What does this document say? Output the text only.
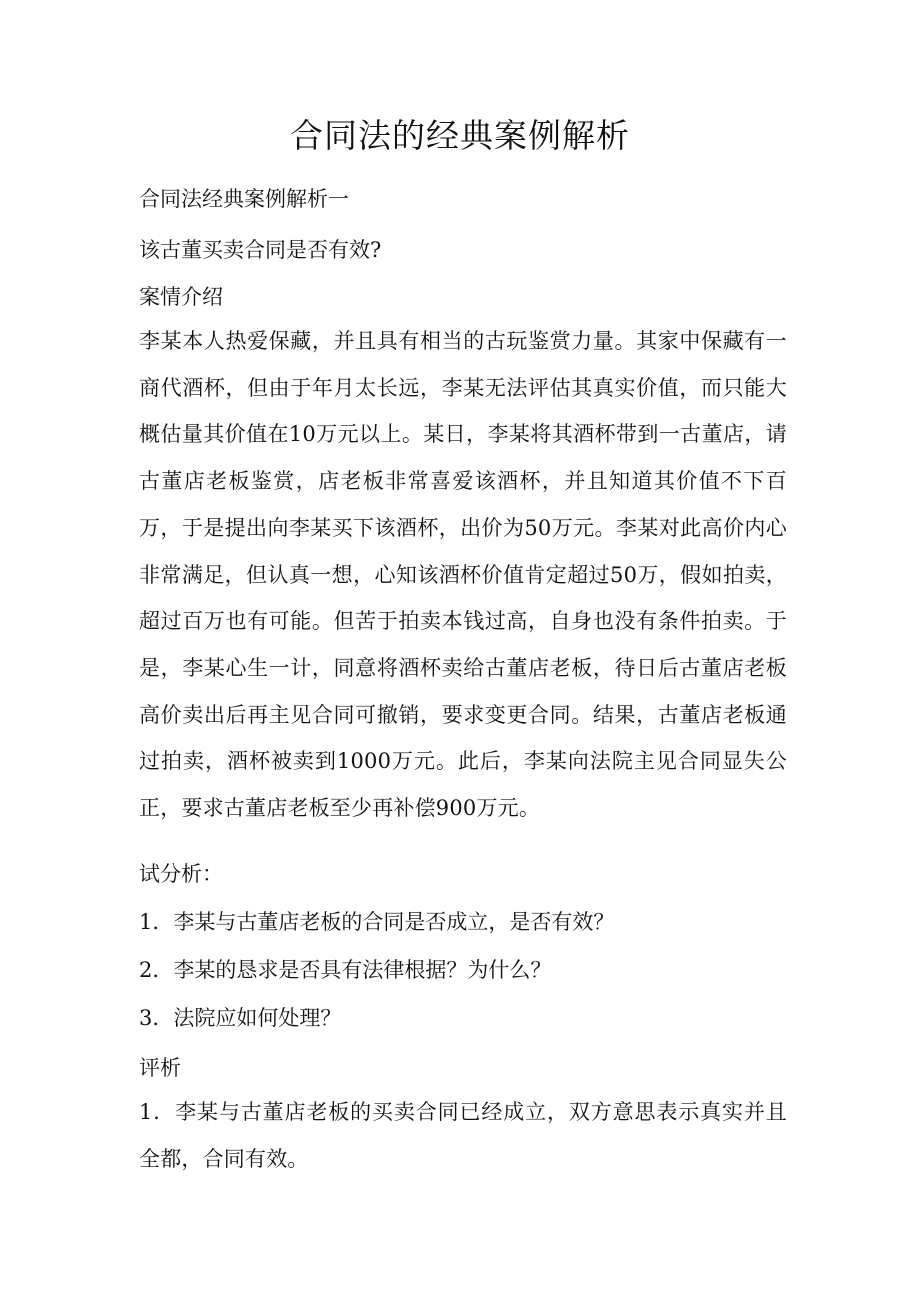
合同法的经典案例解析

合同法经典案例解析一

该古董买卖合同是否有效?

案情介绍

李某本人热爱保藏，并且具有相当的古玩鉴赏力量。其家中保藏有一商代酒杯，但由于年月太长远，李某无法评估其真实价值，而只能大概估量其价值在10万元以上。某日，李某将其酒杯带到一古董店，请古董店老板鉴赏，店老板非常喜爱该酒杯，并且知道其价值不下百万，于是提出向李某买下该酒杯，出价为50万元。李某对此高价内心非常满足，但认真一想，心知该酒杯价值肯定超过50万，假如拍卖，超过百万也有可能。但苦于拍卖本钱过高，自身也没有条件拍卖。于是，李某心生一计，同意将酒杯卖给古董店老板，待日后古董店老板高价卖出后再主见合同可撤销，要求变更合同。结果，古董店老板通过拍卖，酒杯被卖到1000万元。此后，李某向法院主见合同显失公正，要求古董店老板至少再补偿900万元。

试分析：

1．李某与古董店老板的合同是否成立，是否有效？

2．李某的恳求是否具有法律根据？为什么？

3．法院应如何处理？

评析

1．李某与古董店老板的买卖合同已经成立，双方意思表示真实并且全都，合同有效。
